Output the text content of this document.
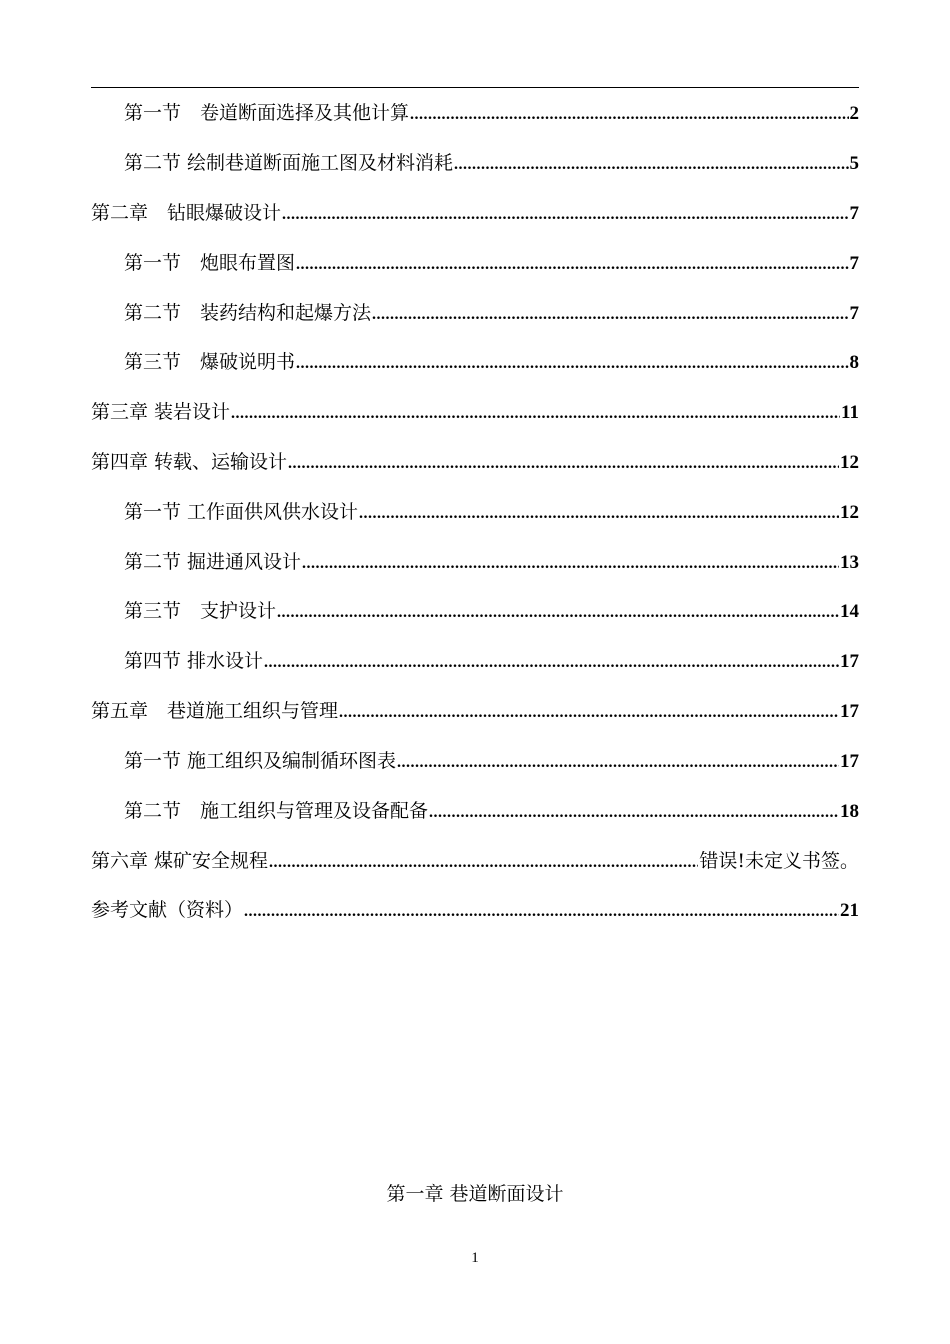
第一节　卷道断面选择及其他计算 .....	2
第二节 绘制巷道断面施工图及材料消耗 .....	5
第二章　钻眼爆破设计 .....	7
第一节　炮眼布置图 .....	7
第二节　装药结构和起爆方法 .....	7
第三节　爆破说明书 .....	8
第三章 装岩设计 .....	11
第四章 转载、运输设计 .....	12
第一节 工作面供风供水设计 .....	12
第二节 掘进通风设计 .....	13
第三节　支护设计 .....	14
第四节 排水设计 .....	17
第五章　巷道施工组织与管理 .....	17
第一节 施工组织及编制循环图表 .....	17
第二节　施工组织与管理及设备配备 .....	18
第六章 煤矿安全规程 .....	错误!未定义书签。
参考文献（资料） .....	21
第一章 巷道断面设计
1
